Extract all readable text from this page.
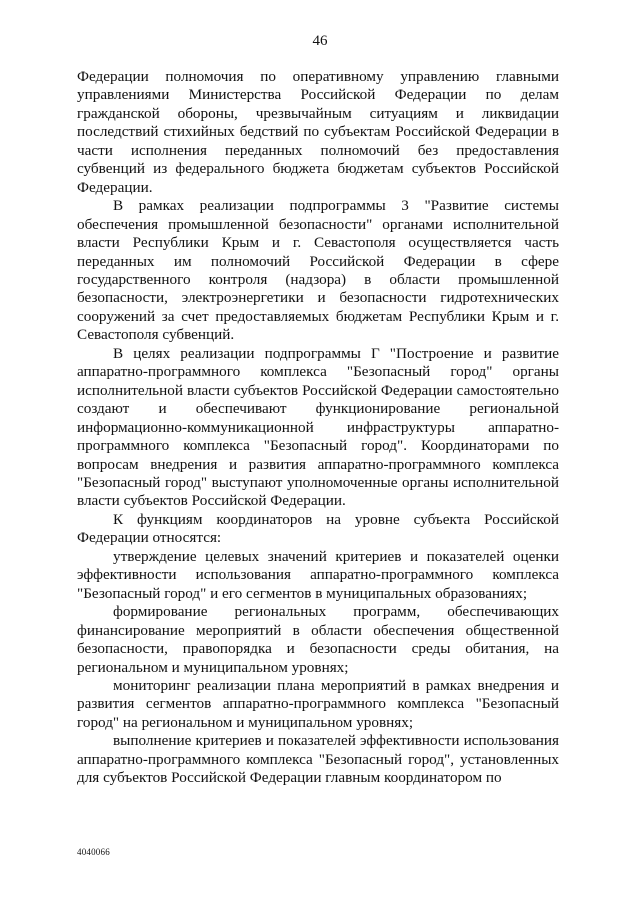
46

Федерации полномочия по оперативному управлению главными управлениями Министерства Российской Федерации по делам гражданской обороны, чрезвычайным ситуациям и ликвидации последствий стихийных бедствий по субъектам Российской Федерации в части исполнения переданных полномочий без предоставления субвенций из федерального бюджета бюджетам субъектов Российской Федерации.

В рамках реализации подпрограммы 3 "Развитие системы обеспечения промышленной безопасности" органами исполнительной власти Республики Крым и г. Севастополя осуществляется часть переданных им полномочий Российской Федерации в сфере государственного контроля (надзора) в области промышленной безопасности, электроэнергетики и безопасности гидротехнических сооружений за счет предоставляемых бюджетам Республики Крым и г. Севастополя субвенций.

В целях реализации подпрограммы Г "Построение и развитие аппаратно-программного комплекса "Безопасный город" органы исполнительной власти субъектов Российской Федерации самостоятельно создают и обеспечивают функционирование региональной информационно-коммуникационной инфраструктуры аппаратно-программного комплекса "Безопасный город". Координаторами по вопросам внедрения и развития аппаратно-программного комплекса "Безопасный город" выступают уполномоченные органы исполнительной власти субъектов Российской Федерации.

К функциям координаторов на уровне субъекта Российской Федерации относятся:

утверждение целевых значений критериев и показателей оценки эффективности использования аппаратно-программного комплекса "Безопасный город" и его сегментов в муниципальных образованиях;

формирование региональных программ, обеспечивающих финансирование мероприятий в области обеспечения общественной безопасности, правопорядка и безопасности среды обитания, на региональном и муниципальном уровнях;

мониторинг реализации плана мероприятий в рамках внедрения и развития сегментов аппаратно-программного комплекса "Безопасный город" на региональном и муниципальном уровнях;

выполнение критериев и показателей эффективности использования аппаратно-программного комплекса "Безопасный город", установленных для субъектов Российской Федерации главным координатором по

4040066
